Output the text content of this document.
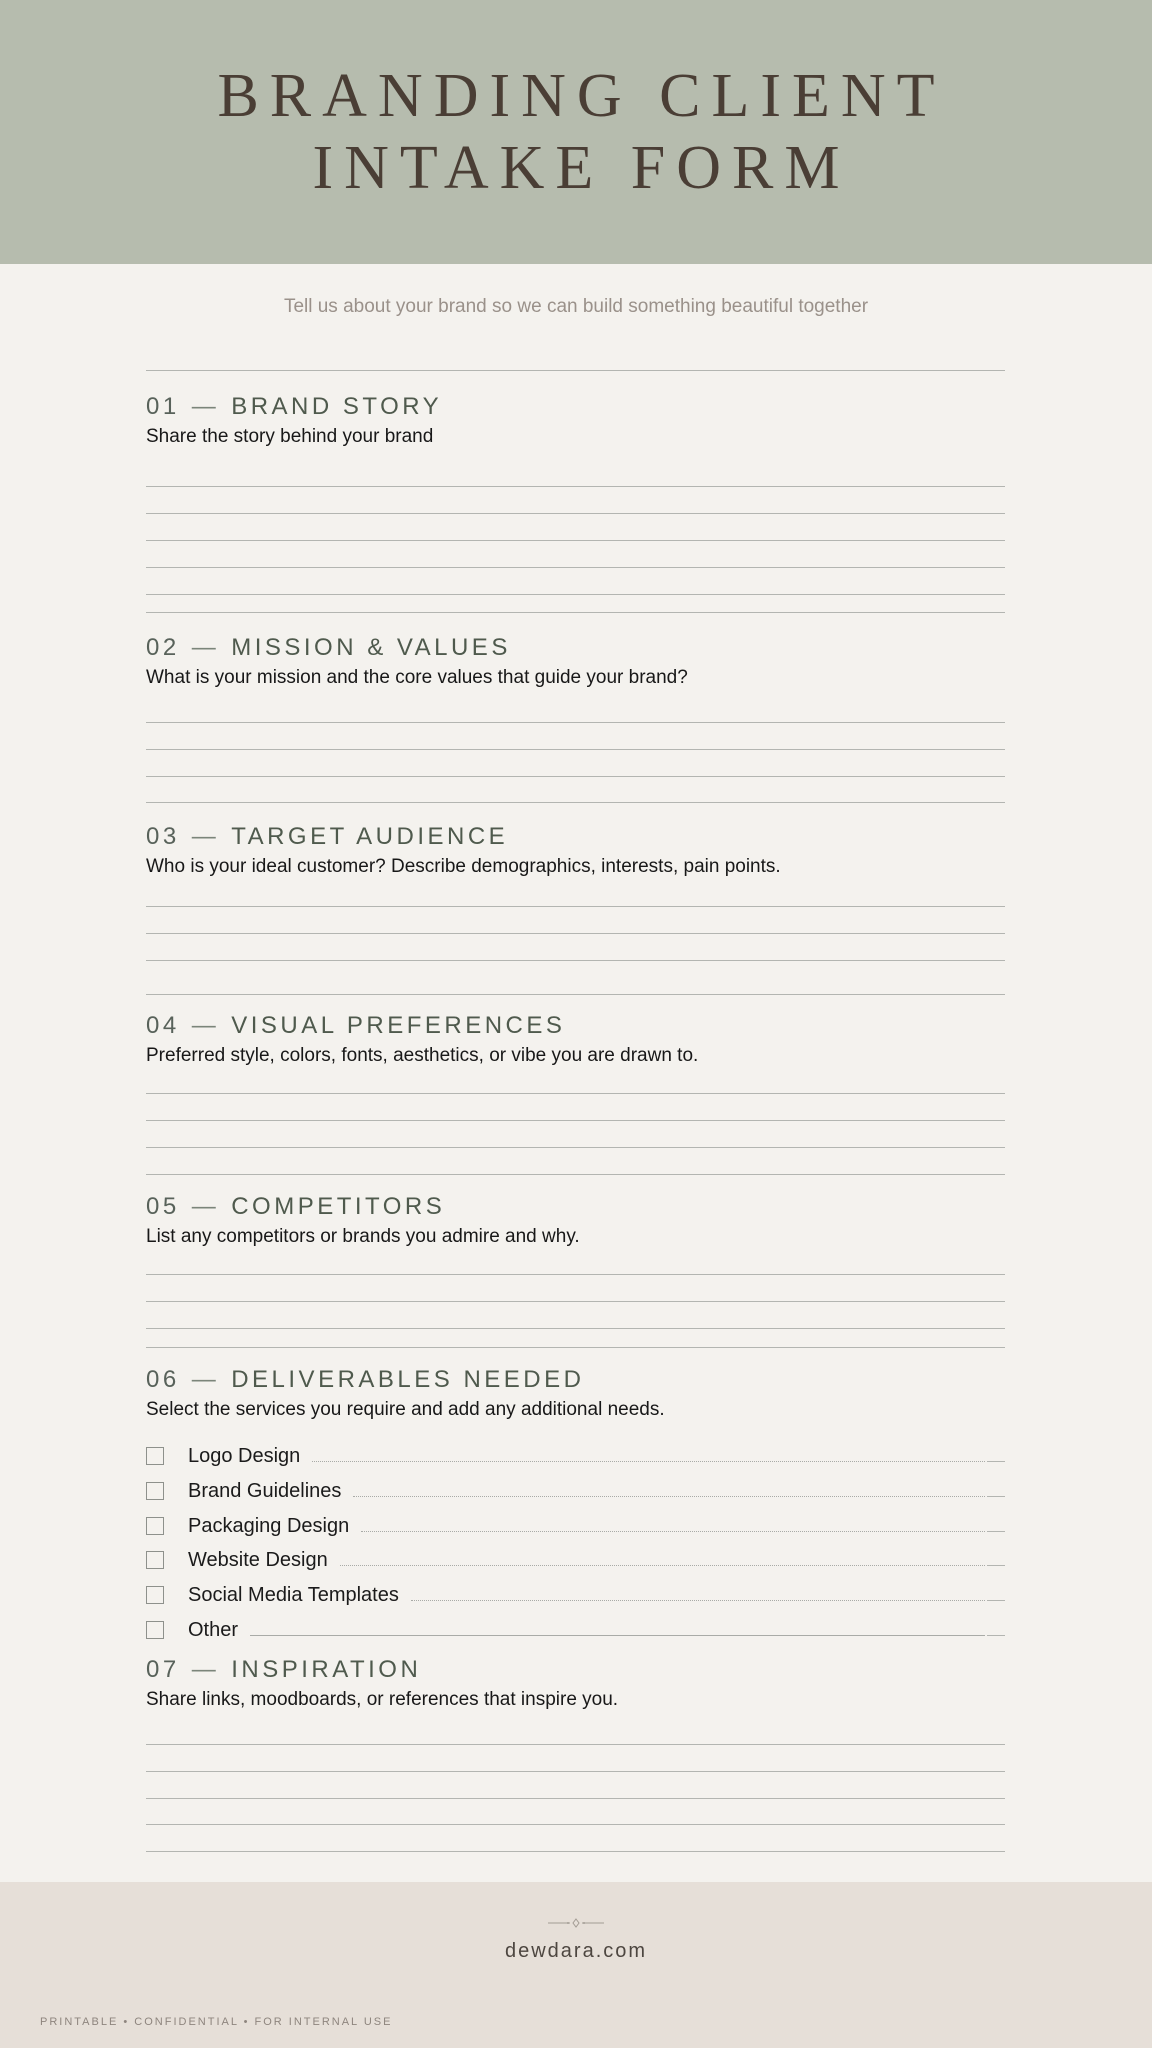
BRANDING CLIENT
INTAKE FORM
Tell us about your brand so we can build something beautiful together
01 — BRAND STORY
Share the story behind your brand
02 — MISSION & VALUES
What is your mission and the core values that guide your brand?
03 — TARGET AUDIENCE
Who is your ideal customer? Describe demographics, interests, pain points.
04 — VISUAL PREFERENCES
Preferred style, colors, fonts, aesthetics, or vibe you are drawn to.
05 — COMPETITORS
List any competitors or brands you admire and why.
06 — DELIVERABLES NEEDED
Select the services you require and add any additional needs.
Logo Design
Brand Guidelines
Packaging Design
Website Design
Social Media Templates
Other
07 — INSPIRATION
Share links, moodboards, or references that inspire you.
dewdara.com
PRINTABLE • CONFIDENTIAL • FOR INTERNAL USE
